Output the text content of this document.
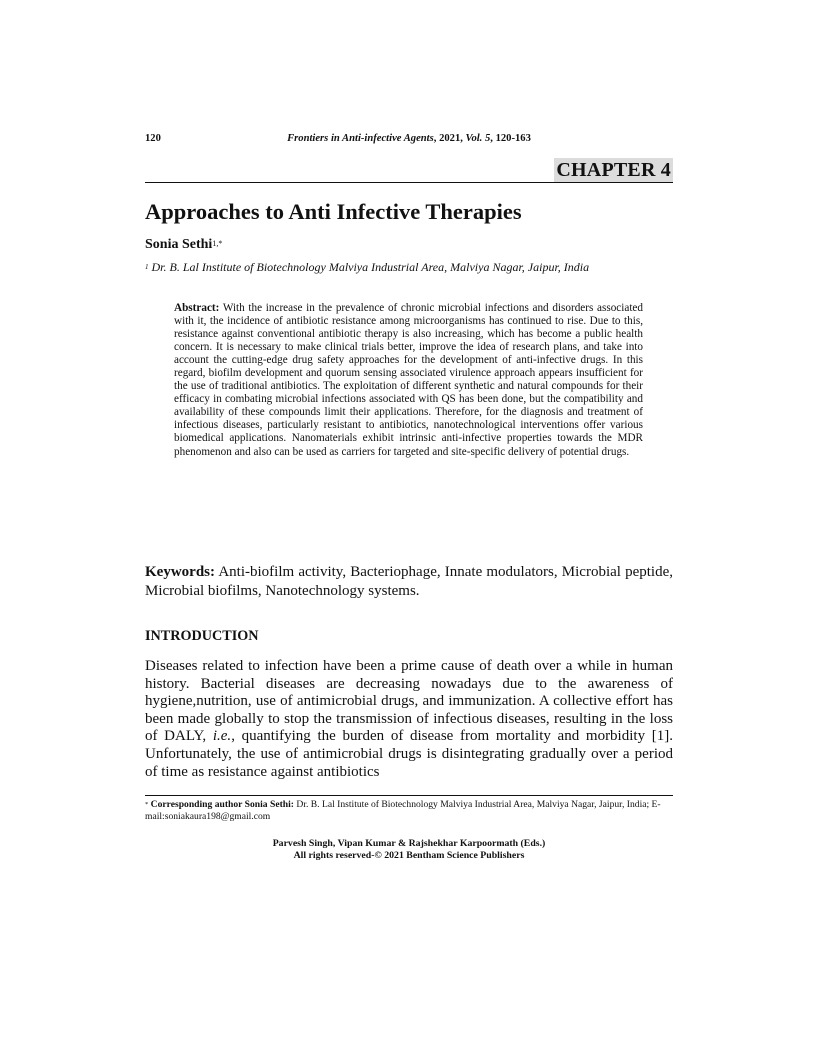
120	Frontiers in Anti-infective Agents, 2021, Vol. 5, 120-163
CHAPTER 4
Approaches to Anti Infective Therapies
Sonia Sethi$^{1,*}$
$^1$ Dr. B. Lal Institute of Biotechnology Malviya Industrial Area, Malviya Nagar, Jaipur, India
Abstract: With the increase in the prevalence of chronic microbial infections and disorders associated with it, the incidence of antibiotic resistance among microorganisms has continued to rise. Due to this, resistance against conventional antibiotic therapy is also increasing, which has become a public health concern. It is necessary to make clinical trials better, improve the idea of research plans, and take into account the cutting-edge drug safety approaches for the development of anti-infective drugs. In this regard, biofilm development and quorum sensing associated virulence approach appears insufficient for the use of traditional antibiotics. The exploitation of different synthetic and natural compounds for their efficacy in combating microbial infections associated with QS has been done, but the compatibility and availability of these compounds limit their applications. Therefore, for the diagnosis and treatment of infectious diseases, particularly resistant to antibiotics, nanotechnological interventions offer various biomedical applications. Nanomaterials exhibit intrinsic anti-infective properties towards the MDR phenomenon and also can be used as carriers for targeted and site-specific delivery of potential drugs.
Keywords: Anti-biofilm activity, Bacteriophage, Innate modulators, Microbial peptide, Microbial biofilms, Nanotechnology systems.
INTRODUCTION
Diseases related to infection have been a prime cause of death over a while in human history. Bacterial diseases are decreasing nowadays due to the awareness of hygiene,nutrition, use of antimicrobial drugs, and immunization. A collective effort has been made globally to stop the transmission of infectious diseases, resulting in the loss of DALY, i.e., quantifying the burden of disease from mortality and morbidity [1]. Unfortunately, the use of antimicrobial drugs is disintegrating gradually over a period of time as resistance against antibiotics
* Corresponding author Sonia Sethi: Dr. B. Lal Institute of Biotechnology Malviya Industrial Area, Malviya Nagar, Jaipur, India; E-mail:soniakaura198@gmail.com
Parvesh Singh, Vipan Kumar & Rajshekhar Karpoormath (Eds.)
All rights reserved-© 2021 Bentham Science Publishers
